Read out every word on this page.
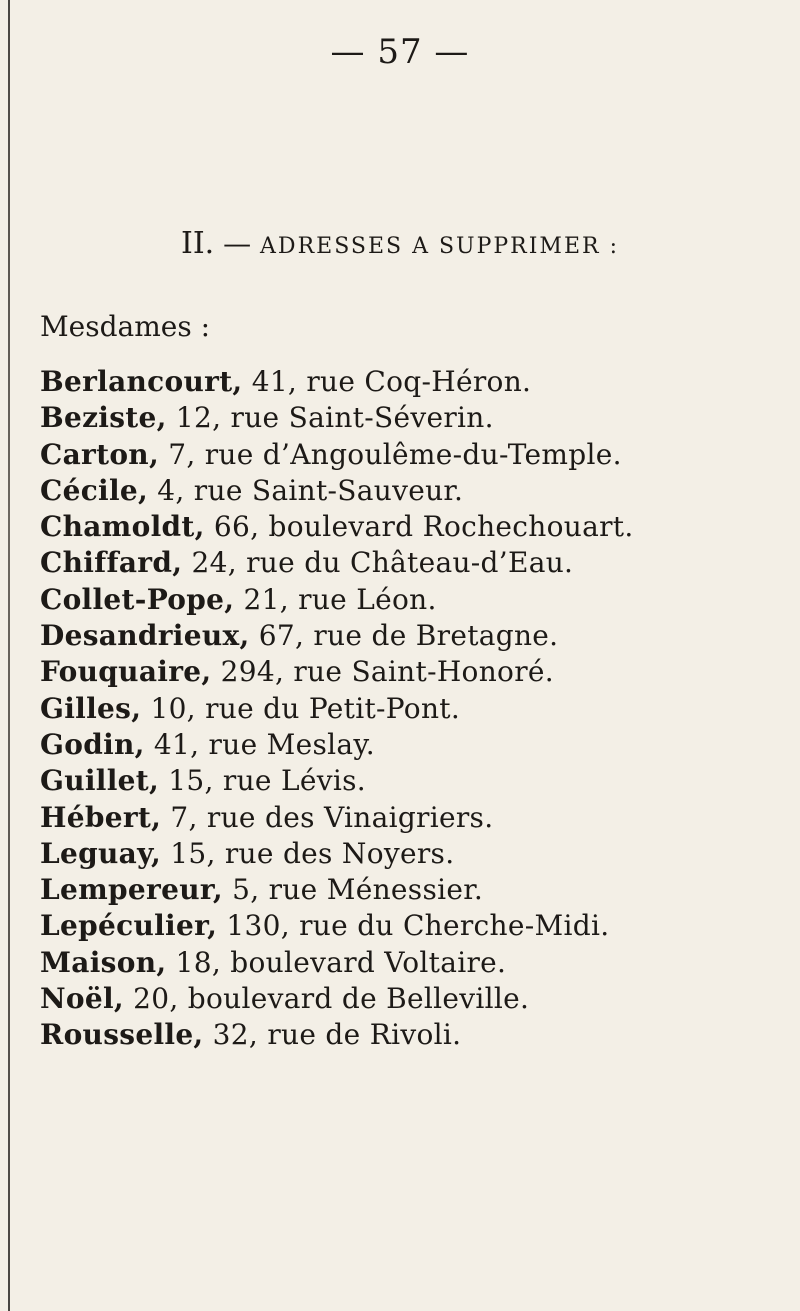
— 57 —
II. — ADRESSES A SUPPRIMER :
Mesdames :
Berlancourt, 41, rue Coq-Héron.
Beziste, 12, rue Saint-Séverin.
Carton, 7, rue d’Angoulême-du-Temple.
Cécile, 4, rue Saint-Sauveur.
Chamoldt, 66, boulevard Rochechouart.
Chiffard, 24, rue du Château-d’Eau.
Collet-Pope, 21, rue Léon.
Desandrieux, 67, rue de Bretagne.
Fouquaire, 294, rue Saint-Honoré.
Gilles, 10, rue du Petit-Pont.
Godin, 41, rue Meslay.
Guillet, 15, rue Lévis.
Hébert, 7, rue des Vinaigriers.
Leguay, 15, rue des Noyers.
Lempereur, 5, rue Ménessier.
Lepéculier, 130, rue du Cherche-Midi.
Maison, 18, boulevard Voltaire.
Noël, 20, boulevard de Belleville.
Rousselle, 32, rue de Rivoli.
